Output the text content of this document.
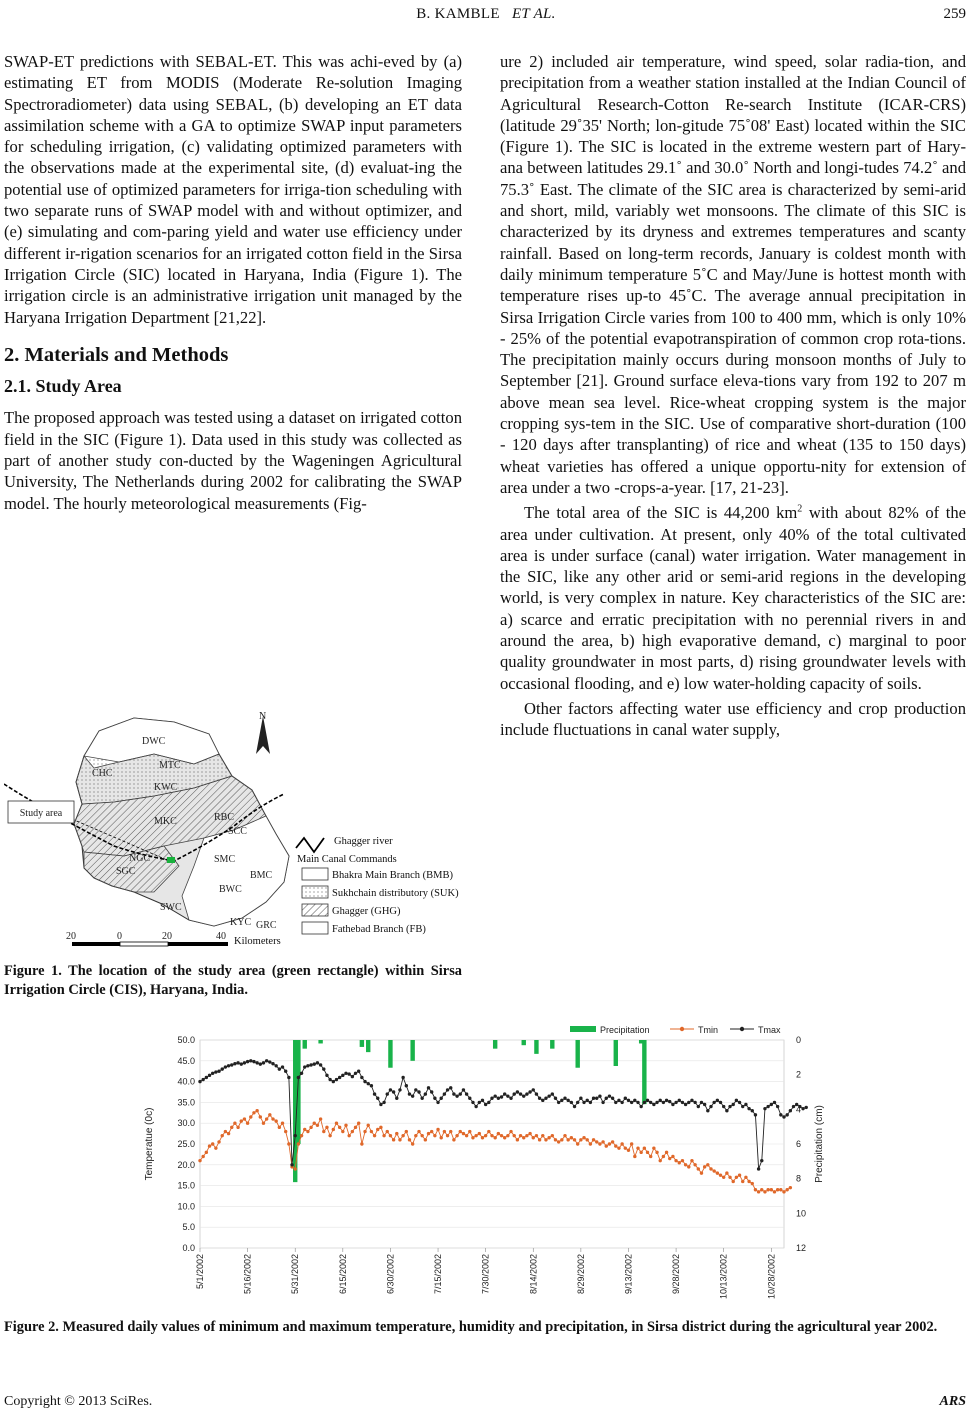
B. KAMBLE ET AL.	259

SWAP-ET predictions with SEBAL-ET. This was achi-eved by (a) estimating ET from MODIS (Moderate Re-solution Imaging Spectroradiometer) data using SEBAL, (b) developing an ET data assimilation scheme with a GA to optimize SWAP input parameters for scheduling irrigation, (c) validating optimized parameters with the observations made at the experimental site, (d) evaluat-ing the potential use of optimized parameters for irriga-tion scheduling with two separate runs of SWAP model with and without optimizer, and (e) simulating and com-paring yield and water use efficiency under different ir-rigation scenarios for an irrigated cotton field in the Sirsa Irrigation Circle (SIC) located in Haryana, India (Figure 1). The irrigation circle is an administrative irrigation unit managed by the Haryana Irrigation Department [21,22].

2. Materials and Methods
2.1. Study Area

The proposed approach was tested using a dataset on irrigated cotton field in the SIC (Figure 1). Data used in this study was collected as part of another study con-ducted by the Wageningen Agricultural University, The Netherlands during 2002 for calibrating the SWAP model. The hourly meteorological measurements (Fig-

ure 2) included air temperature, wind speed, solar radia-tion, and precipitation from a weather station installed at the Indian Council of Agricultural Research-Cotton Re-search Institute (ICAR-CRS) (latitude 29˚35' North; lon-gitude 75˚08' East) located within the SIC (Figure 1). The SIC is located in the extreme western part of Hary-ana between latitudes 29.1˚ and 30.0˚ North and longi-tudes 74.2˚ and 75.3˚ East. The climate of the SIC area is characterized by semi-arid and short, mild, variably wet monsoons. The climate of this SIC is characterized by its dryness and extremes temperatures and scanty rainfall. Based on long-term records, January is coldest month with daily minimum temperature 5˚C and May/June is hottest month with temperature rises up-to 45˚C. The average annual precipitation in Sirsa Irrigation Circle varies from 100 to 400 mm, which is only 10% - 25% of the potential evapotranspiration of common crop rota-tions. The precipitation mainly occurs during monsoon months of July to September [21]. Ground surface eleva-tions vary from 192 to 207 m above mean sea level. Rice-wheat cropping system is the major cropping sys-tem in the SIC. Use of comparative short-duration (100 - 120 days after transplanting) of rice and wheat (135 to 150 days) wheat varieties has offered a unique opportu-nity for extension of area under a two -crops-a-year. [17, 21-23].

The total area of the SIC is 44,200 $km^2$ with about 82% of the area under cultivation. At present, only 40% of the total cultivated area is under surface (canal) water irrigation. Water management in the SIC, like any other arid or semi-arid regions in the developing world, is very complex in nature. Key characteristics of the SIC are: a) scarce and erratic precipitation with no perennial rivers in and around the area, b) high evaporative demand, c) marginal to poor quality groundwater in most parts, d) rising groundwater levels with occasional flooding, and e) low water-holding capacity of soils.

Other factors affecting water use efficiency and crop production include fluctuations in canal water supply,

Study area
DWC
MTC
CHC
KWC
MKC	RBC
SCC
NGC	SMC
SGC	BMC
BWC
SWC
KYC GRC
N
Ghagger river
Main Canal Commands
Bhakra Main Branch (BMB)
Sukhchain distributory (SUK)
Ghagger (GHG)
Fathebad Branch (FB)
20	0	20	40 Kilometers
Figure 1. The location of the study area (green rectangle) within Sirsa Irrigation Circle (CIS), Haryana, India.
0.0
5.0
10.0
15.0
20.0
25.0
30.0
35.0
40.0
45.0
50.0	0
2
4
6
8
10
12
5/1/2002	5/16/2002	5/31/2002	6/15/2002	6/30/2002	7/15/2002	7/30/2002	8/14/2002	8/29/2002	9/13/2002	9/28/2002	10/13/2002	10/28/2002
Precipitation	Tmin	Tmax
Temperatue (0c)	Precipitation (cm)
Figure 2. Measured daily values of minimum and maximum temperature, humidity and precipitation, in Sirsa district during the agricultural year 2002.
Copyright © 2013 SciRes.	ARS
